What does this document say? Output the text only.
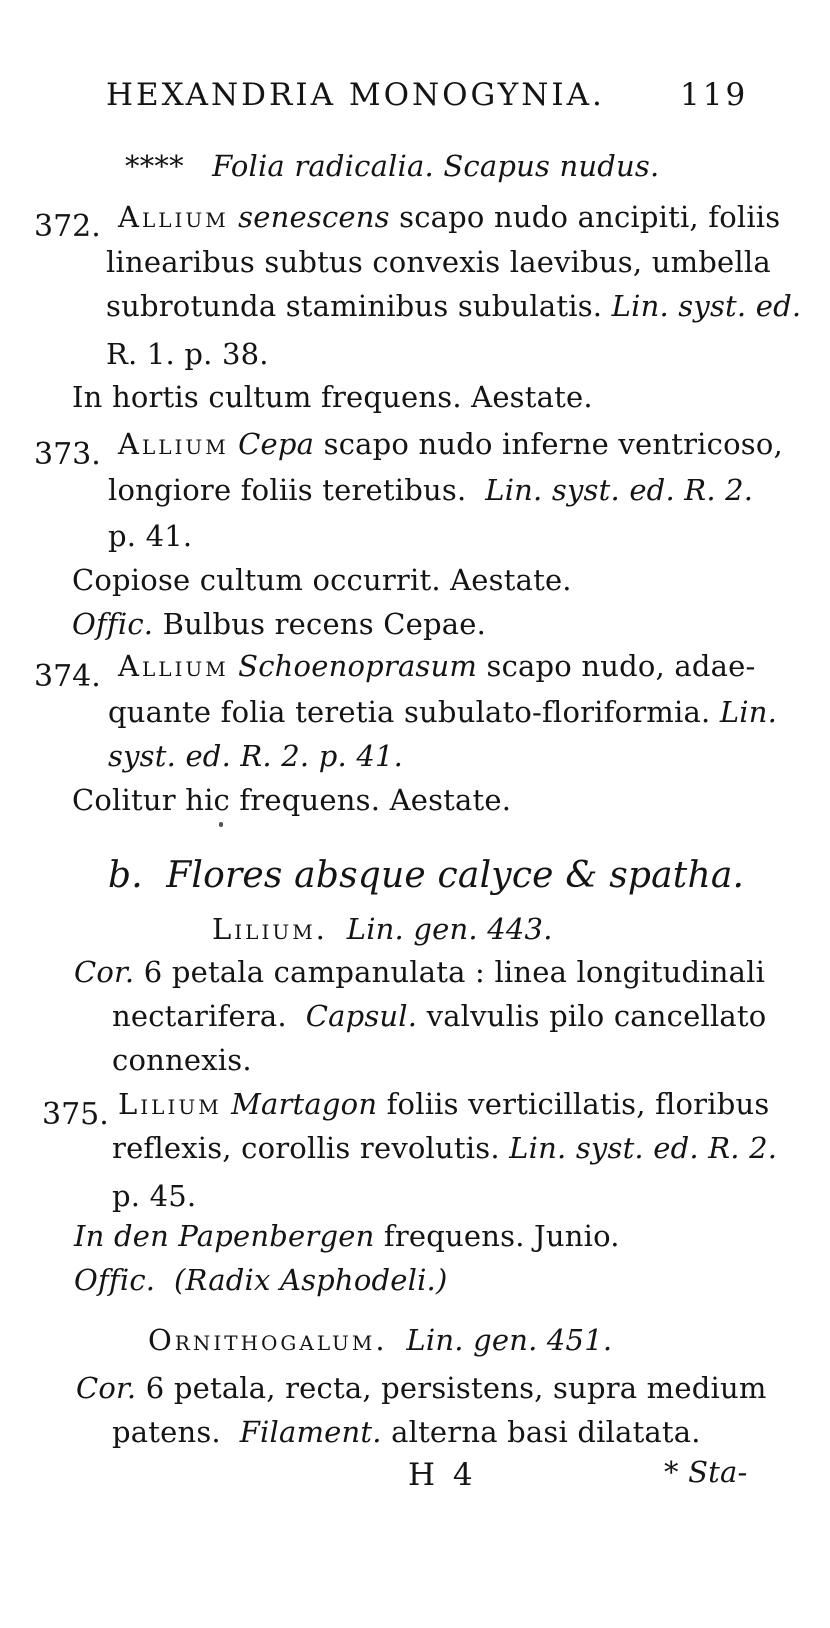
HEXANDRIA MONOGYNIA. 119
**** Folia radicalia. Scapus nudus.
372. Allium senescens scapo nudo ancipiti, foliis
linearibus subtus convexis laevibus, umbella
subrotunda staminibus subulatis. Lin. syst. ed.
R. 1. p. 38.
In hortis cultum frequens. Aestate.
373. Allium Cepa scapo nudo inferne ventricoso,
longiore foliis teretibus. Lin. syst. ed. R. 2.
p. 41.
Copiose cultum occurrit. Aestate.
Offic. Bulbus recens Cepae.
374. Allium Schoenoprasum scapo nudo, adae-
quante folia teretia subulato-floriformia. Lin.
syst. ed. R. 2. p. 41.
Colitur hic frequens. Aestate.
b. Flores absque calyce & spatha.
Lilium. Lin. gen. 443.
Cor. 6 petala campanulata : linea longitudinali
nectarifera. Capsul. valvulis pilo cancellato
connexis.
375. Lilium Martagon foliis verticillatis, floribus
reflexis, corollis revolutis. Lin. syst. ed. R. 2.
p. 45.
In den Papenbergen frequens. Junio.
Offic. (Radix Asphodeli.)
Ornithogalum. Lin. gen. 451.
Cor. 6 petala, recta, persistens, supra medium
patens. Filament. alterna basi dilatata.
H 4	* Sta-
